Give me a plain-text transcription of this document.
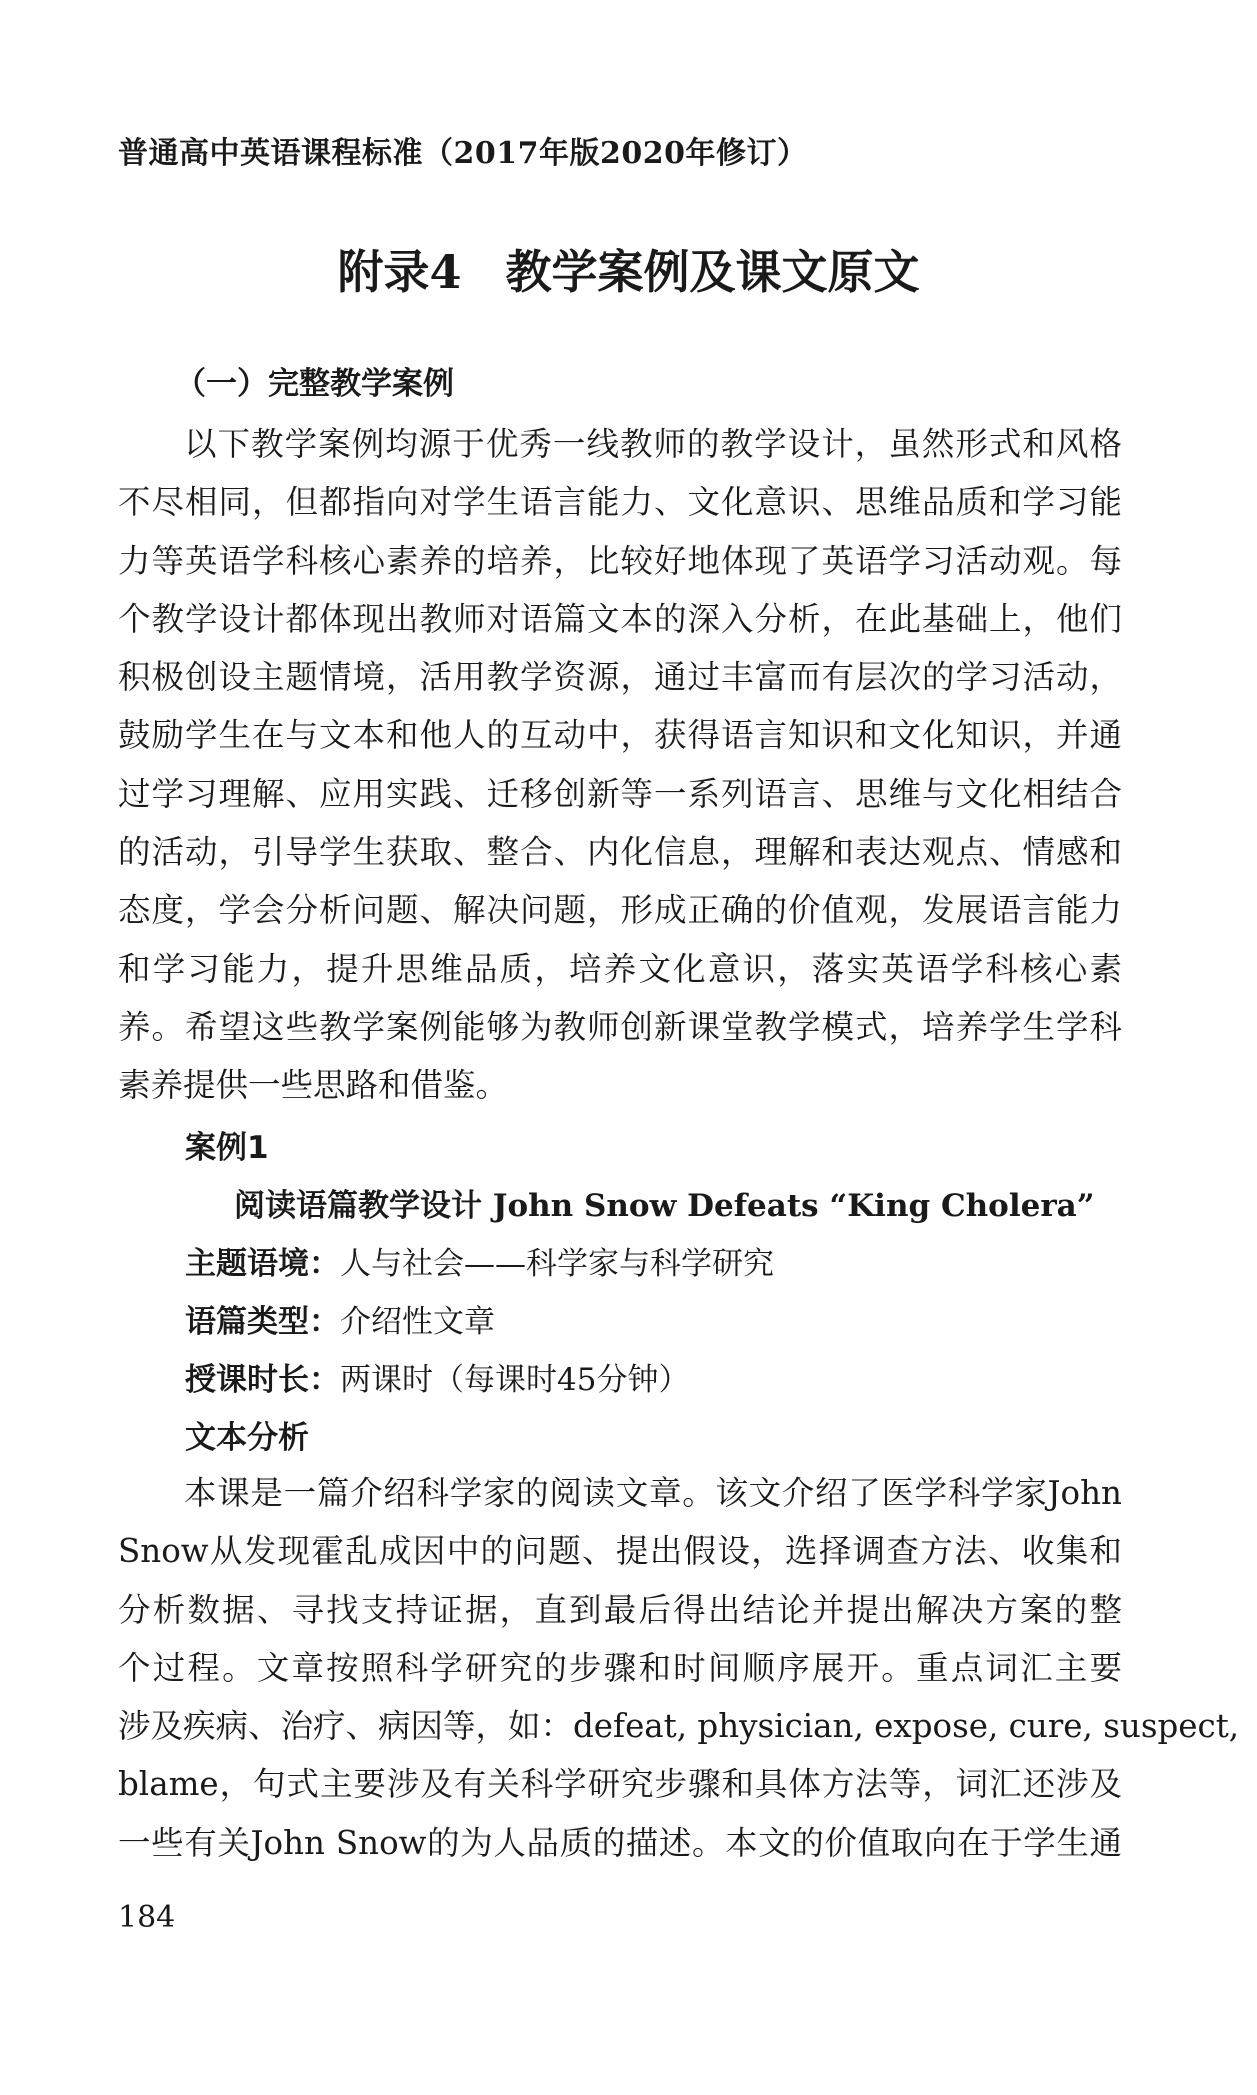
普通高中英语课程标准（2017年版2020年修订）
附录4 教学案例及课文原文
（一）完整教学案例
以下教学案例均源于优秀一线教师的教学设计，虽然形式和风格
不尽相同，但都指向对学生语言能力、文化意识、思维品质和学习能
力等英语学科核心素养的培养，比较好地体现了英语学习活动观。每
个教学设计都体现出教师对语篇文本的深入分析，在此基础上，他们
积极创设主题情境，活用教学资源，通过丰富而有层次的学习活动，
鼓励学生在与文本和他人的互动中，获得语言知识和文化知识，并通
过学习理解、应用实践、迁移创新等一系列语言、思维与文化相结合
的活动，引导学生获取、整合、内化信息，理解和表达观点、情感和
态度，学会分析问题、解决问题，形成正确的价值观，发展语言能力
和学习能力，提升思维品质，培养文化意识，落实英语学科核心素
养。希望这些教学案例能够为教师创新课堂教学模式，培养学生学科
素养提供一些思路和借鉴。
案例1
阅读语篇教学设计 John Snow Defeats “King Cholera”
主题语境：人与社会——科学家与科学研究
语篇类型：介绍性文章
授课时长：两课时（每课时45分钟）
文本分析
本课是一篇介绍科学家的阅读文章。该文介绍了医学科学家John
Snow从发现霍乱成因中的问题、提出假设，选择调查方法、收集和
分析数据、寻找支持证据，直到最后得出结论并提出解决方案的整
个过程。文章按照科学研究的步骤和时间顺序展开。重点词汇主要
涉及疾病、治疗、病因等，如：defeat, physician, expose, cure, suspect,
blame，句式主要涉及有关科学研究步骤和具体方法等，词汇还涉及
一些有关John Snow的为人品质的描述。本文的价值取向在于学生通
184
